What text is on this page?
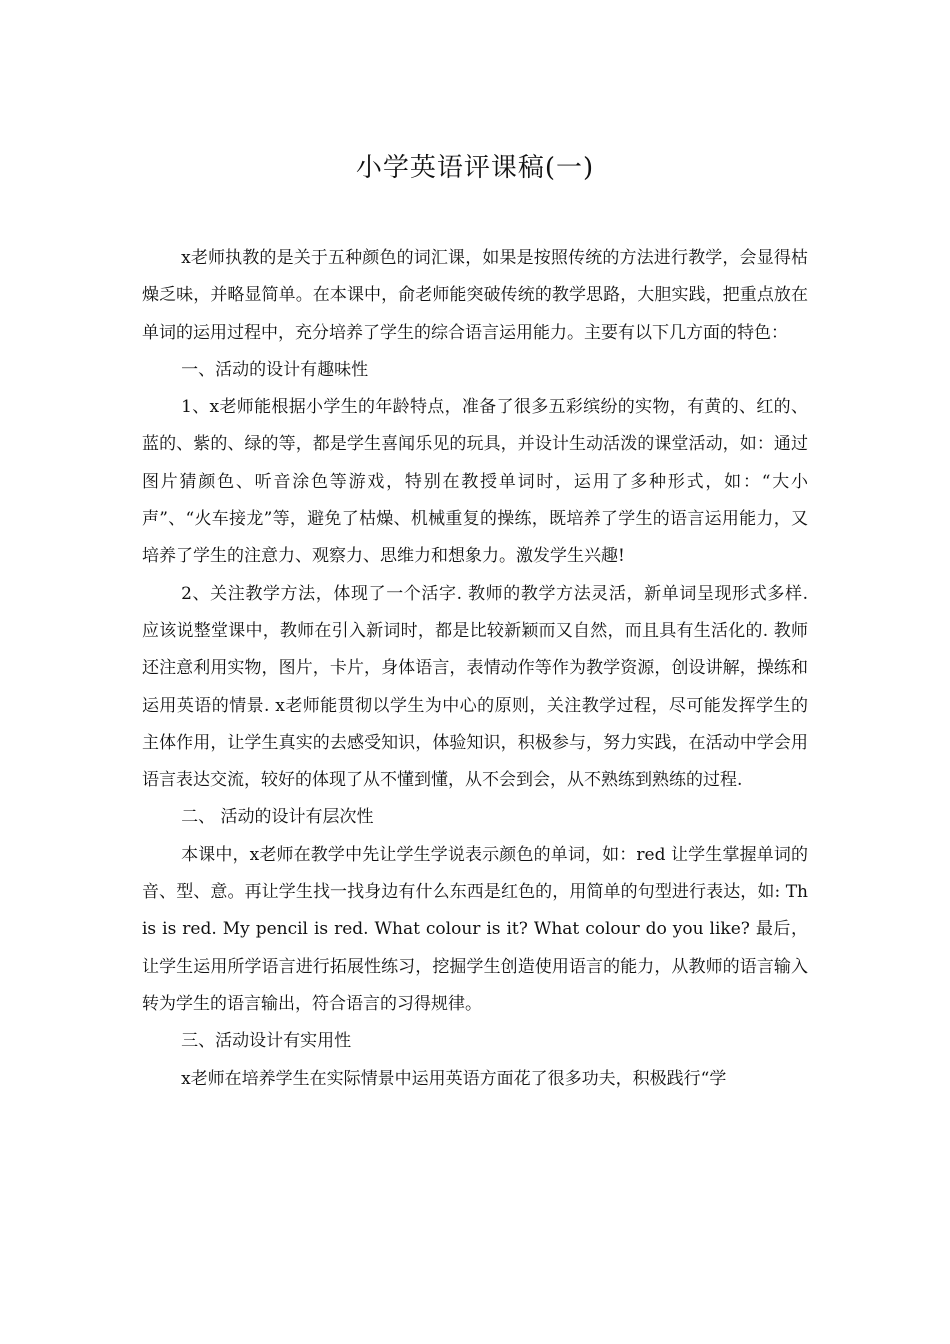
小学英语评课稿(一)

x老师执教的是关于五种颜色的词汇课，如果是按照传统的方法进行教学，会显得枯燥乏味，并略显简单。在本课中，俞老师能突破传统的教学思路，大胆实践，把重点放在单词的运用过程中，充分培养了学生的综合语言运用能力。主要有以下几方面的特色：

一、活动的设计有趣味性

1、x老师能根据小学生的年龄特点，准备了很多五彩缤纷的实物，有黄的、红的、蓝的、紫的、绿的等，都是学生喜闻乐见的玩具，并设计生动活泼的课堂活动，如：通过图片猜颜色、听音涂色等游戏，特别在教授单词时，运用了多种形式，如：“大小声”、“火车接龙”等，避免了枯燥、机械重复的操练，既培养了学生的语言运用能力，又培养了学生的注意力、观察力、思维力和想象力。激发学生兴趣!

2、关注教学方法，体现了一个活字. 教师的教学方法灵活，新单词呈现形式多样. 应该说整堂课中，教师在引入新词时，都是比较新颖而又自然，而且具有生活化的. 教师还注意利用实物，图片，卡片，身体语言，表情动作等作为教学资源，创设讲解，操练和运用英语的情景. x老师能贯彻以学生为中心的原则，关注教学过程，尽可能发挥学生的主体作用，让学生真实的去感受知识，体验知识，积极参与，努力实践，在活动中学会用语言表达交流，较好的体现了从不懂到懂，从不会到会，从不熟练到熟练的过程.

二、 活动的设计有层次性

本课中，x老师在教学中先让学生学说表示颜色的单词，如：red 让学生掌握单词的音、型、意。再让学生找一找身边有什么东西是红色的，用简单的句型进行表达，如: This is red. My pencil is red. What colour is it? What colour do you like? 最后，让学生运用所学语言进行拓展性练习，挖掘学生创造使用语言的能力，从教师的语言输入转为学生的语言输出，符合语言的习得规律。

三、活动设计有实用性

x老师在培养学生在实际情景中运用英语方面花了很多功夫，积极践行“学
